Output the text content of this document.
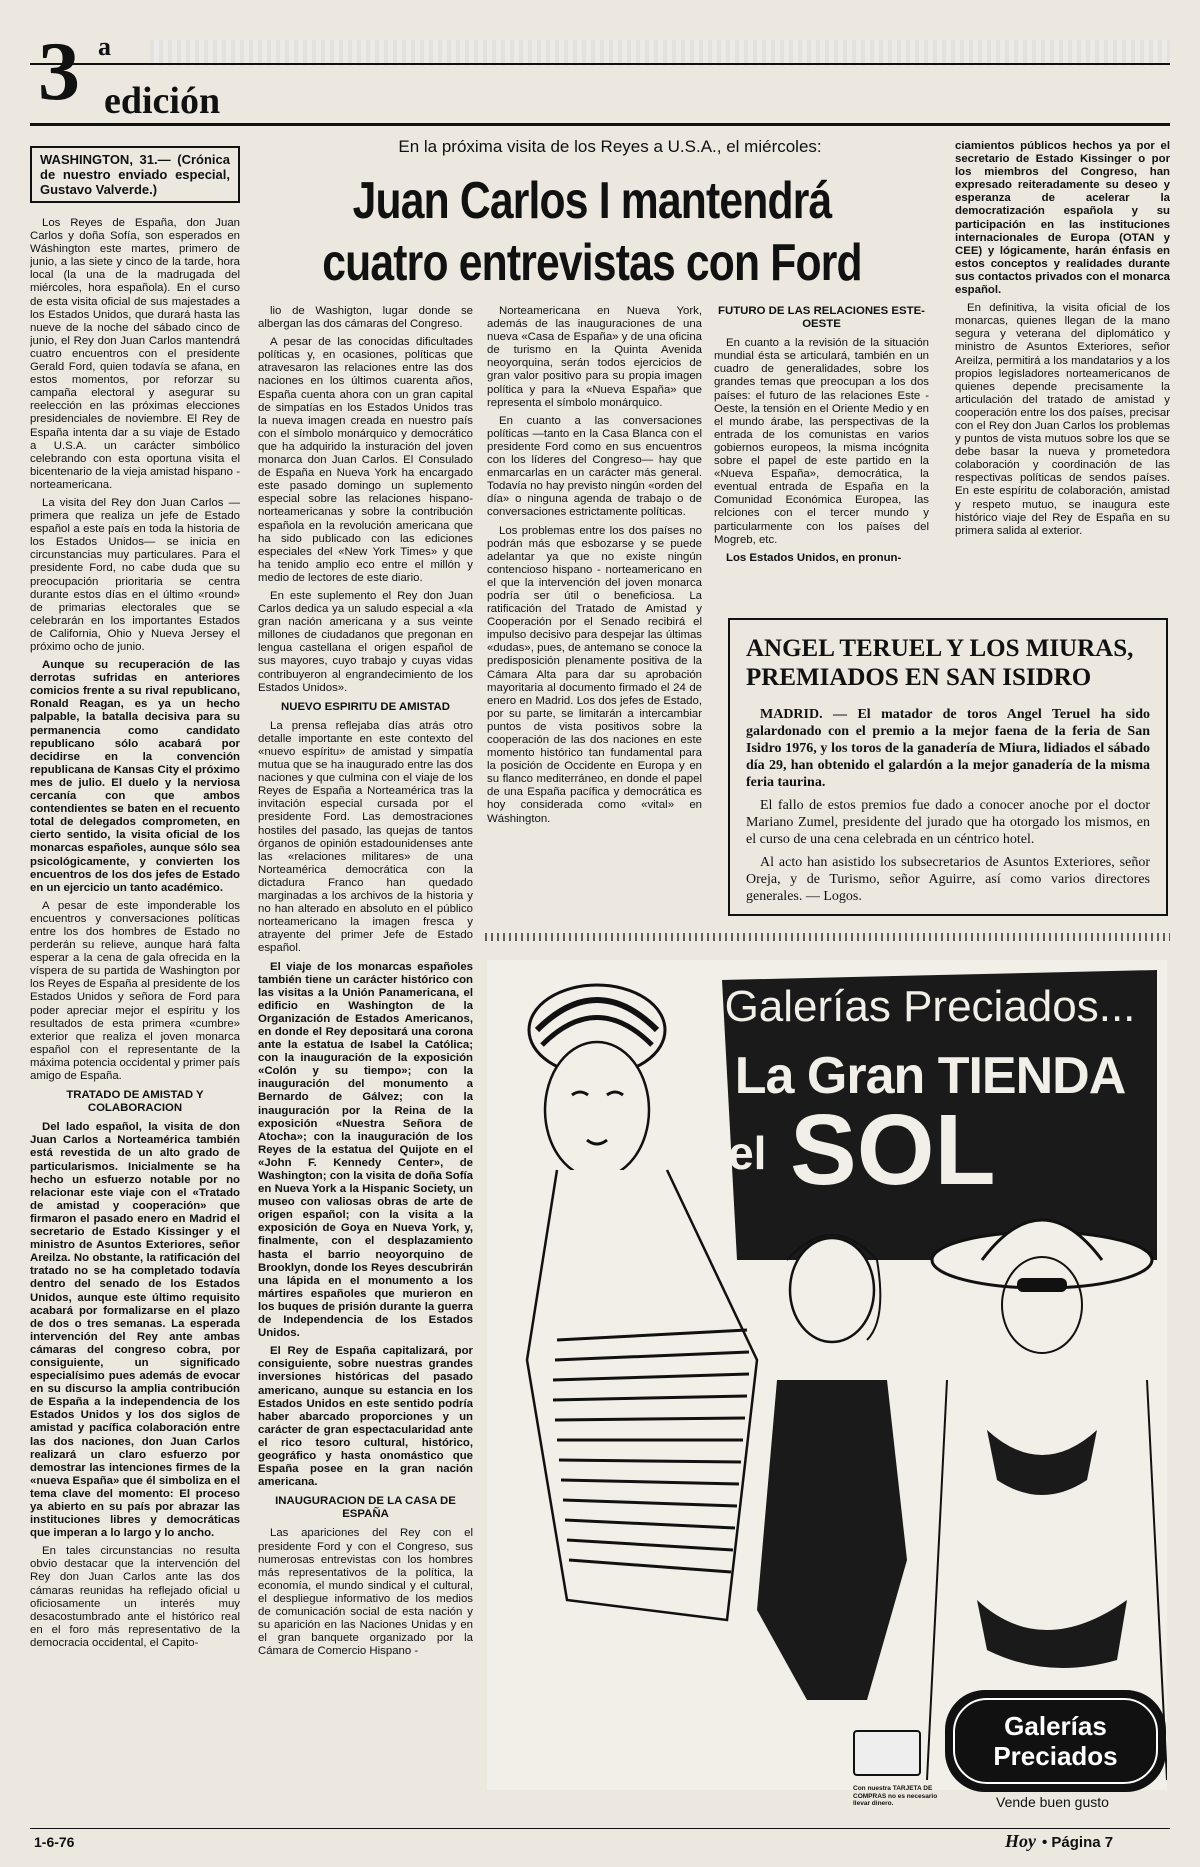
3 a
edición
En la próxima visita de los Reyes a U.S.A., el miércoles:
Juan Carlos I mantendrá cuatro entrevistas con Ford
WASHINGTON, 31.— (Crónica de nuestro enviado especial, Gustavo Valverde.)

Los Reyes de España, don Juan Carlos y doña Sofía, son esperados en Wáshington este martes, primero de junio, a las siete y cinco de la tarde, hora local (la una de la madrugada del miércoles, hora española). En el curso de esta visita oficial de sus majestades a los Estados Unidos, que durará hasta las nueve de la noche del sábado cinco de junio, el Rey don Juan Carlos mantendrá cuatro encuentros con el presidente Gerald Ford, quien todavía se afana, en estos momentos, por reforzar su campaña electoral y asegurar su reelección en las próximas elecciones presidenciales de noviembre. El Rey de España intenta dar a su viaje de Estado a U.S.A. un carácter simbólico celebrando con esta oportuna visita el bicentenario de la vieja amistad hispano - norteamericana.

La visita del Rey don Juan Carlos —primera que realiza un jefe de Estado español a este país en toda la historia de los Estados Unidos— se inicia en circunstancias muy particulares. Para el presidente Ford, no cabe duda que su preocupación prioritaria se centra durante estos días en el último «round» de primarias electorales que se celebrarán en los importantes Estados de California, Ohio y Nueva Jersey el próximo ocho de junio.

Aunque su recuperación de las derrotas sufridas en anteriores comicios frente a su rival republicano, Ronald Reagan, es ya un hecho palpable, la batalla decisiva para su permanencia como candidato republicano sólo acabará por decidirse en la convención republicana de Kansas City el próximo mes de julio. El duelo y la nerviosa cercanía con que ambos contendientes se baten en el recuento total de delegados comprometen, en cierto sentido, la visita oficial de los monarcas españoles, aunque sólo sea psicológicamente, y convierten los encuentros de los dos jefes de Estado en un ejercicio un tanto académico.

A pesar de este imponderable los encuentros y conversaciones políticas entre los dos hombres de Estado no perderán su relieve, aunque hará falta esperar a la cena de gala ofrecida en la víspera de su partida de Washington por los Reyes de España al presidente de los Estados Unidos y señora de Ford para poder apreciar mejor el espíritu y los resultados de esta primera «cumbre» exterior que realiza el joven monarca español con el representante de la máxima potencia occidental y primer país amigo de España.

TRATADO DE AMISTAD Y COLABORACION

Del lado español, la visita de don Juan Carlos a Norteamérica también está revestida de un alto grado de particularismos. Inicialmente se ha hecho un esfuerzo notable por no relacionar este viaje con el «Tratado de amistad y cooperación» que firmaron el pasado enero en Madrid el secretario de Estado Kissinger y el ministro de Asuntos Exteriores, señor Areilza. No obstante, la ratificación del tratado no se ha completado todavía dentro del senado de los Estados Unidos, aunque este último requisito acabará por formalizarse en el plazo de dos o tres semanas. La esperada intervención del Rey ante ambas cámaras del congreso cobra, por consiguiente, un significado especialísimo pues además de evocar en su discurso la amplia contribución de España a la independencia de los Estados Unidos y los dos siglos de amistad y pacífica colaboración entre las dos naciones, don Juan Carlos realizará un claro esfuerzo por demostrar las intenciones firmes de la «nueva España» que él simboliza en el tema clave del momento: El proceso ya abierto en su país por abrazar las instituciones libres y democráticas que imperan a lo largo y lo ancho.

En tales circunstancias no resulta obvio destacar que la intervención del Rey don Juan Carlos ante las dos cámaras reunidas ha reflejado oficial u oficiosamente un interés muy desacostumbrado ante el histórico real en el foro más representativo de la democracia occidental, el Capito-

lio de Washigton, lugar donde se albergan las dos cámaras del Congreso.

A pesar de las conocidas dificultades políticas y, en ocasiones, políticas que atravesaron las relaciones entre las dos naciones en los últimos cuarenta años, España cuenta ahora con un gran capital de simpatías en los Estados Unidos tras la nueva imagen creada en nuestro país con el símbolo monárquico y democrático que ha adquirido la insturación del joven monarca don Juan Carlos. El Consulado de España en Nueva York ha encargado este pasado domingo un suplemento especial sobre las relaciones hispano-norteamericanas y sobre la contribución española en la revolución americana que ha sido publicado con las ediciones especiales del «New York Times» y que ha tenido amplio eco entre el millón y medio de lectores de este diario.

En este suplemento el Rey don Juan Carlos dedica ya un saludo especial a «la gran nación americana y a sus veinte millones de ciudadanos que pregonan en lengua castellana el origen español de sus mayores, cuyo trabajo y cuyas vidas contribuyeron al engrandecimiento de los Estados Unidos».

NUEVO ESPIRITU DE AMISTAD

La prensa reflejaba días atrás otro detalle importante en este contexto del «nuevo espíritu» de amistad y simpatía mutua que se ha inaugurado entre las dos naciones y que culmina con el viaje de los Reyes de España a Norteamérica tras la invitación especial cursada por el presidente Ford. Las demostraciones hostiles del pasado, las quejas de tantos órganos de opinión estadounidenses ante las «relaciones militares» de una Norteamérica democrática con la dictadura Franco han quedado marginadas a los archivos de la historia y no han alterado en absoluto en el público norteamericano la imagen fresca y atrayente del primer Jefe de Estado español.

El viaje de los monarcas españoles también tiene un carácter histórico con las visitas a la Unión Panamericana, el edificio en Washington de la Organización de Estados Americanos, en donde el Rey depositará una corona ante la estatua de Isabel la Católica; con la inauguración de la exposición «Colón y su tiempo»; con la inauguración del monumento a Bernardo de Gálvez; con la inauguración por la Reina de la exposición «Nuestra Señora de Atocha»; con la inauguración de los Reyes de la estatua del Quijote en el «John F. Kennedy Center», de Washington; con la visita de doña Sofía en Nueva York a la Hispanic Society, un museo con valiosas obras de arte de origen español; con la visita a la exposición de Goya en Nueva York, y, finalmente, con el desplazamiento hasta el barrio neoyorquino de Brooklyn, donde los Reyes descubrirán una lápida en el monumento a los mártires españoles que murieron en los buques de prisión durante la guerra de Independencia de los Estados Unidos.

El Rey de España capitalizará, por consiguiente, sobre nuestras grandes inversiones históricas del pasado americano, aunque su estancia en los Estados Unidos en este sentido podría haber abarcado proporciones y un carácter de gran espectacularidad ante el rico tesoro cultural, histórico, geográfico y hasta onomástico que España posee en la gran nación americana.

INAUGURACION DE LA CASA DE ESPAÑA

Las apariciones del Rey con el presidente Ford y con el Congreso, sus numerosas entrevistas con los hombres más representativos de la política, la economía, el mundo sindical y el cultural, el despliegue informativo de los medios de comunicación social de esta nación y su aparición en las Naciones Unidas y en el gran banquete organizado por la Cámara de Comercio Hispano -

Norteamericana en Nueva York, además de las inauguraciones de una nueva «Casa de España» y de una oficina de turismo en la Quinta Avenida neoyorquina, serán todos ejercicios de gran valor positivo para su propia imagen política y para la «Nueva España» que representa el símbolo monárquico.

En cuanto a las conversaciones políticas —tanto en la Casa Blanca con el presidente Ford como en sus encuentros con los líderes del Congreso— hay que enmarcarlas en un carácter más general. Todavía no hay previsto ningún «orden del día» o ninguna agenda de trabajo o de conversaciones estrictamente políticas.

Los problemas entre los dos países no podrán más que esbozarse y se puede adelantar ya que no existe ningún contencioso hispano - norteamericano en el que la intervención del joven monarca podría ser útil o beneficiosa. La ratificación del Tratado de Amistad y Cooperación por el Senado recibirá el impulso decisivo para despejar las últimas «dudas», pues, de antemano se conoce la predisposición plenamente positiva de la Cámara Alta para dar su aprobación mayoritaria al documento firmado el 24 de enero en Madrid. Los dos jefes de Estado, por su parte, se limitarán a intercambiar puntos de vista positivos sobre la cooperación de las dos naciones en este momento histórico tan fundamental para la posición de Occidente en Europa y en su flanco mediterráneo, en donde el papel de una España pacífica y democrática es hoy considerada como «vital» en Wáshington.

FUTURO DE LAS RELACIONES ESTE-OESTE

En cuanto a la revisión de la situación mundial ésta se articulará, también en un cuadro de generalidades, sobre los grandes temas que preocupan a los dos países: el futuro de las relaciones Este - Oeste, la tensión en el Oriente Medio y en el mundo árabe, las perspectivas de la entrada de los comunistas en varios gobiernos europeos, la misma incógnita sobre el papel de este partido en la «Nueva España», democrática, la eventual entrada de España en la Comunidad Económica Europea, las relciones con el tercer mundo y particularmente con los países del Mogreb, etc.

Los Estados Unidos, en pronun-

ciamientos públicos hechos ya por el secretario de Estado Kissinger o por los miembros del Congreso, han expresado reiteradamente su deseo y esperanza de acelerar la democratización española y su participación en las instituciones internacionales de Europa (OTAN y CEE) y lógicamente, harán énfasis en estos conceptos y realidades durante sus contactos privados con el monarca español.

En definitiva, la visita oficial de los monarcas, quienes llegan de la mano segura y veterana del diplomático y ministro de Asuntos Exteriores, señor Areilza, permitirá a los mandatarios y a los propios legisladores norteamericanos de quienes depende precisamente la articulación del tratado de amistad y cooperación entre los dos países, precisar con el Rey don Juan Carlos los problemas y puntos de vista mutuos sobre los que se debe basar la nueva y prometedora colaboración y coordinación de las respectivas políticas de sendos países. En este espíritu de colaboración, amistad y respeto mutuo, se inaugura este histórico viaje del Rey de España en su primera salida al exterior.

ANGEL TERUEL Y LOS MIURAS, PREMIADOS EN SAN ISIDRO

MADRID. — El matador de toros Angel Teruel ha sido galardonado con el premio a la mejor faena de la feria de San Isidro 1976, y los toros de la ganadería de Miura, lidiados el sábado día 29, han obtenido el galardón a la mejor ganadería de la misma feria taurina.

El fallo de estos premios fue dado a conocer anoche por el doctor Mariano Zumel, presidente del jurado que ha otorgado los mismos, en el curso de una cena celebrada en un céntrico hotel.

Al acto han asistido los subsecretarios de Asuntos Exteriores, señor Oreja, y de Turismo, señor Aguirre, así como varios directores generales. — Logos.

Galerías Preciados...
La Gran TIENDA
del SOL
Con nuestra TARJETA DE COMPRAS no es necesario llevar dinero.
Galerías
Preciados
Vende buen gusto
1-6-76	Hoy • Página 7
